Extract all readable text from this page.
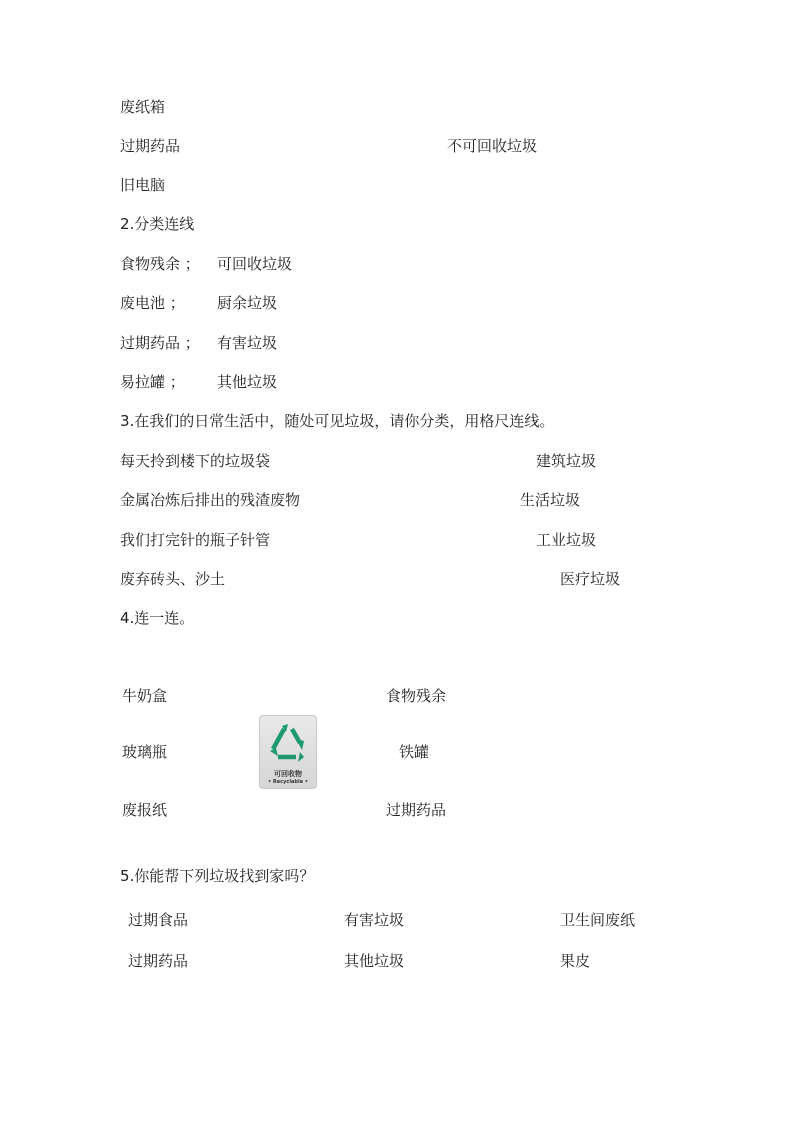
废纸箱
过期药品	不可回收垃圾
旧电脑
2.分类连线
食物残余 ； 可回收垃圾
废电池 ； 厨余垃圾
过期药品 ； 有害垃圾
易拉罐 ； 其他垃圾
3.在我们的日常生活中，随处可见垃圾，请你分类，用格尺连线。
每天拎到楼下的垃圾袋	建筑垃圾
金属冶炼后排出的残渣废物	生活垃圾
我们打完针的瓶子针管	工业垃圾
废弃砖头、沙土	医疗垃圾
4.连一连。
牛奶盒	食物残余
玻璃瓶	铁罐
废报纸	过期药品
可回收物
• Recyclable •
5.你能帮下列垃圾找到家吗？
过期食品	有害垃圾	卫生间废纸
过期药品	其他垃圾	果皮
